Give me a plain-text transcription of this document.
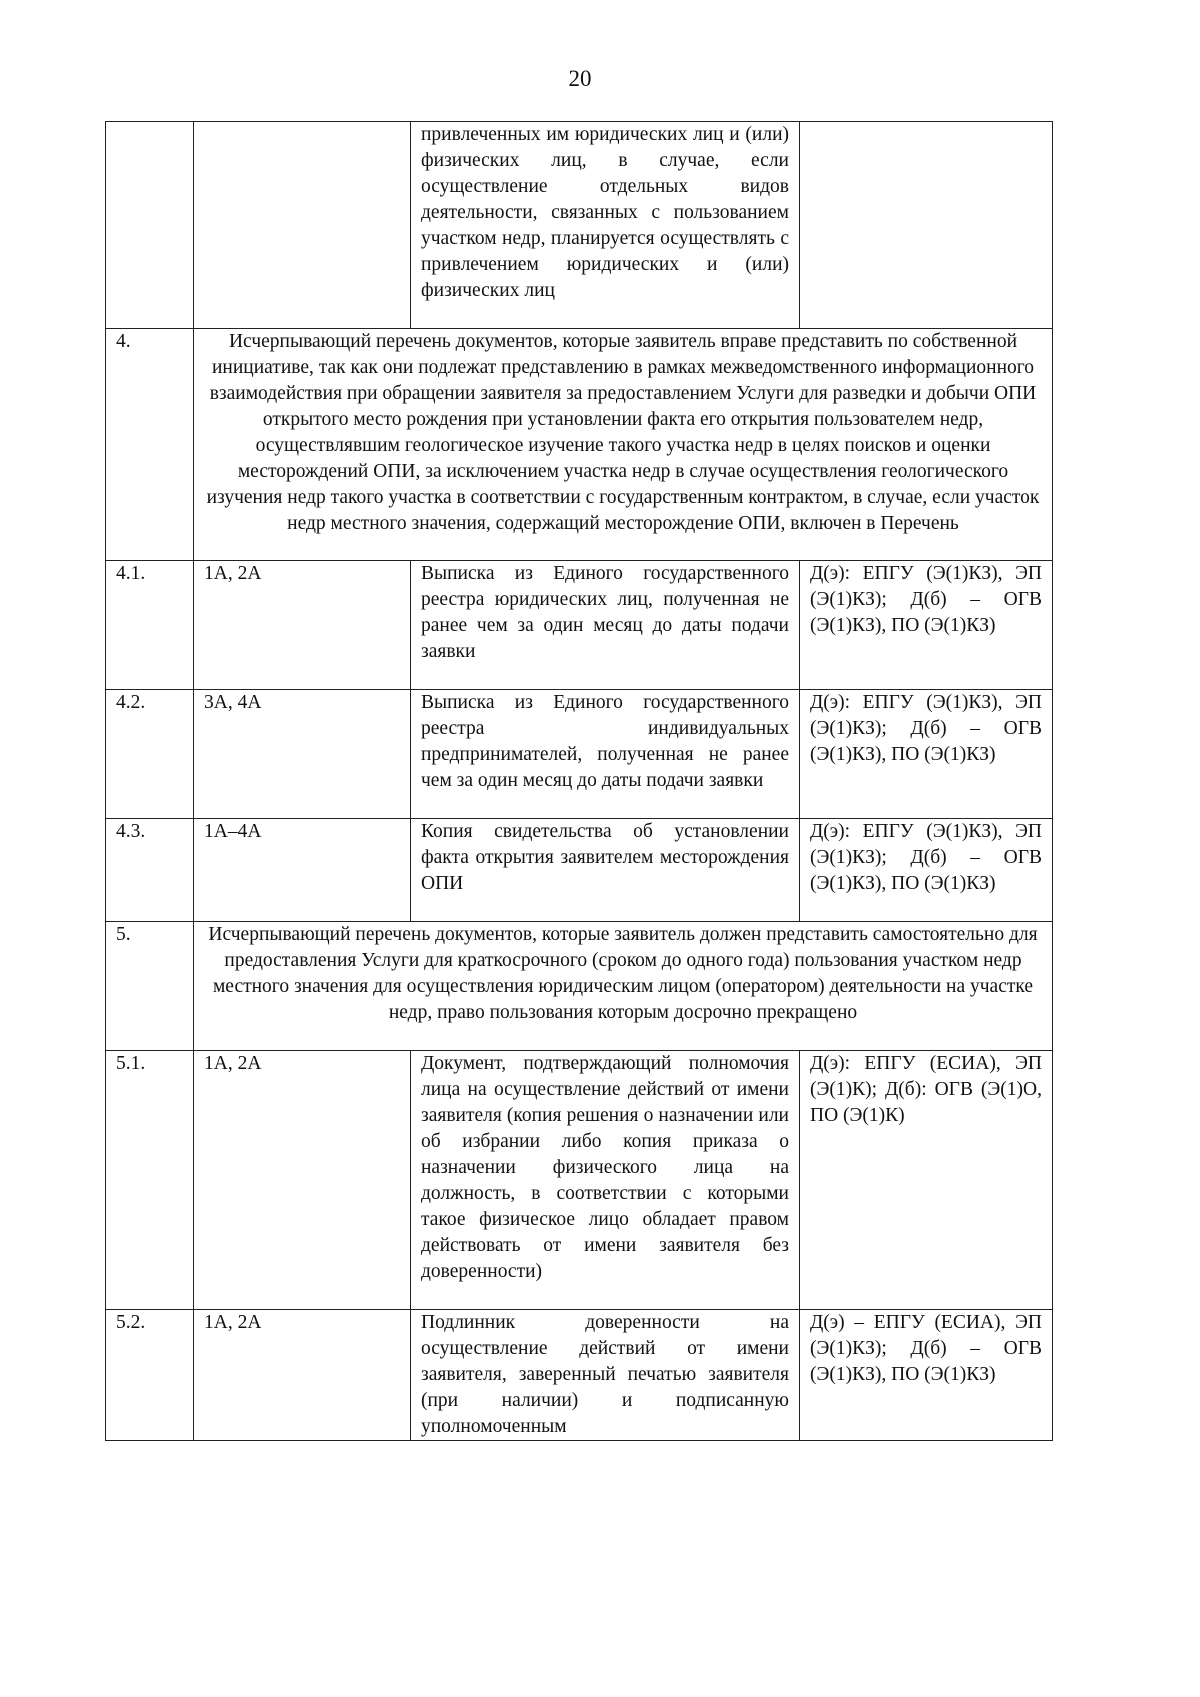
20
		привлеченных им юридических лиц и (или) физических лиц, в случае, если осуществление отдельных видов деятельности, связанных с пользованием участком недр, планируется осуществлять с привлечением юридических и (или) физических лиц	
4.	Исчерпывающий перечень документов, которые заявитель вправе представить по собственной инициативе, так как они подлежат представлению в рамках межведомственного информационного взаимодействия при обращении заявителя за предоставлением Услуги для разведки и добычи ОПИ открытого место рождения при установлении факта его открытия пользователем недр, осуществлявшим геологическое изучение такого участка недр в целях поисков и оценки месторождений ОПИ, за исключением участка недр в случае осуществления геологического изучения недр такого участка в соответствии с государственным контрактом, в случае, если участок недр местного значения, содержащий месторождение ОПИ, включен в Перечень		
4.1.	1А, 2А	Выписка из Единого государственного реестра юридических лиц, полученная не ранее чем за один месяц до даты подачи заявки	Д(э): ЕПГУ (Э(1)КЗ), ЭП (Э(1)КЗ); Д(б) – ОГВ (Э(1)КЗ), ПО (Э(1)КЗ)
4.2.	3А, 4А	Выписка из Единого государственного реестра индивидуальных предпринимателей, полученная не ранее чем за один месяц до даты подачи заявки	Д(э): ЕПГУ (Э(1)КЗ), ЭП (Э(1)КЗ); Д(б) – ОГВ (Э(1)КЗ), ПО (Э(1)КЗ)
4.3.	1А–4А	Копия свидетельства об установлении факта открытия заявителем месторождения ОПИ	Д(э): ЕПГУ (Э(1)КЗ), ЭП (Э(1)КЗ); Д(б) – ОГВ (Э(1)КЗ), ПО (Э(1)КЗ)
5.	Исчерпывающий перечень документов, которые заявитель должен представить самостоятельно для предоставления Услуги для краткосрочного (сроком до одного года) пользования участком недр местного значения для осуществления юридическим лицом (оператором) деятельности на участке недр, право пользования которым досрочно прекращено		
5.1.	1А, 2А	Документ, подтверждающий полномочия лица на осуществление действий от имени заявителя (копия решения о назначении или об избрании либо копия приказа о назначении физического лица на должность, в соответствии с которыми такое физическое лицо обладает правом действовать от имени заявителя без доверенности)	Д(э): ЕПГУ (ЕСИА), ЭП (Э(1)К); Д(б): ОГВ (Э(1)О, ПО (Э(1)К)
5.2.	1А, 2А	Подлинник доверенности на осуществление действий от имени заявителя, заверенный печатью заявителя (при наличии) и подписанную уполномоченным	Д(э) – ЕПГУ (ЕСИА), ЭП (Э(1)КЗ); Д(б) – ОГВ (Э(1)КЗ), ПО (Э(1)КЗ)
